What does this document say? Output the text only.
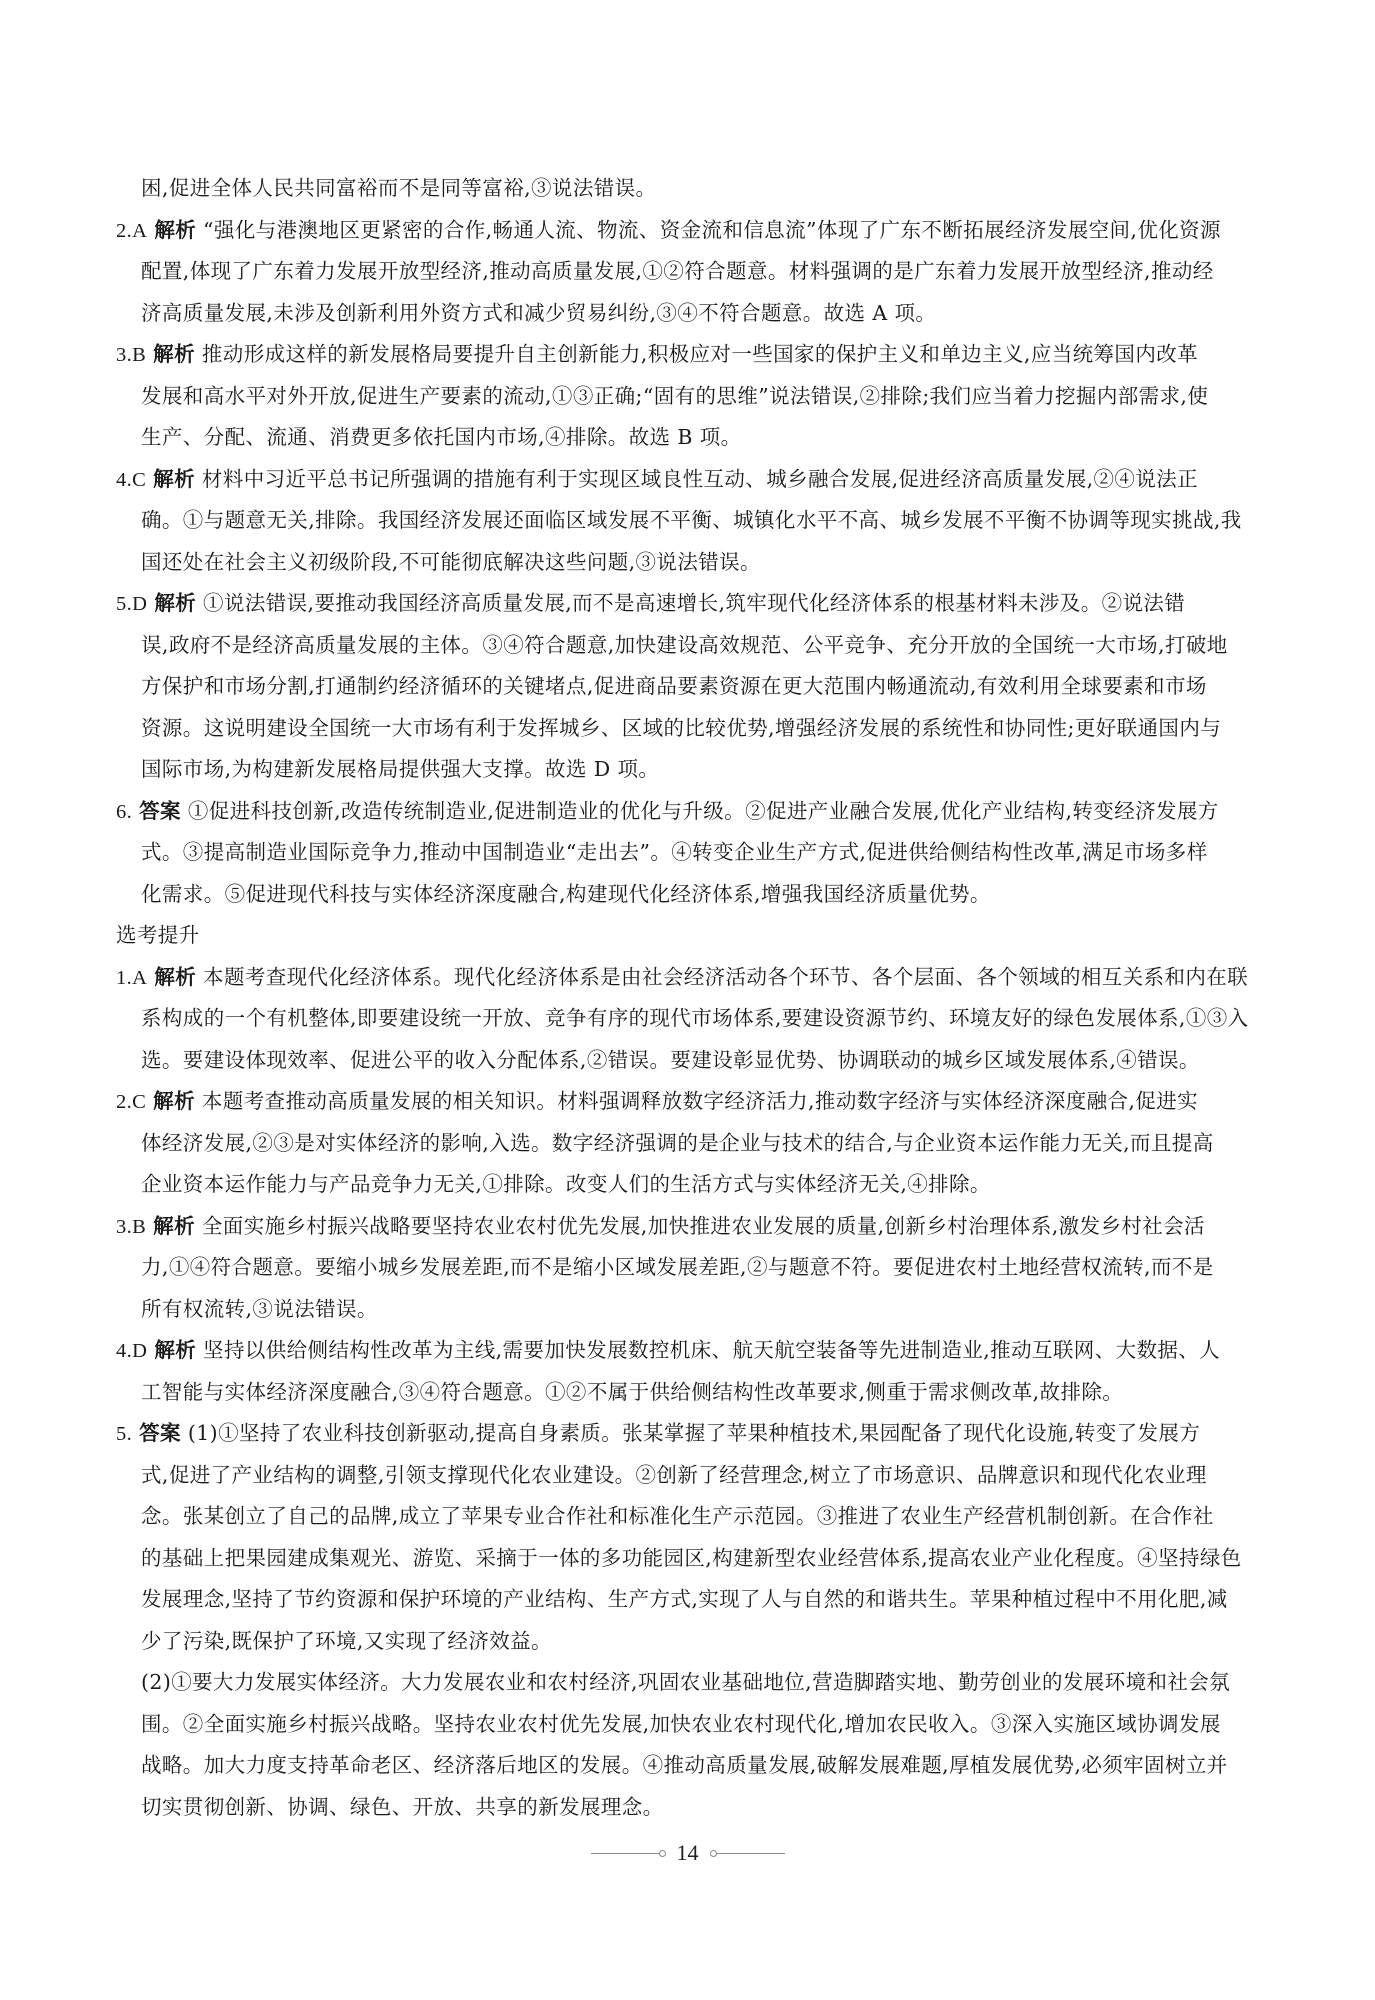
困,促进全体人民共同富裕而不是同等富裕,③说法错误。
2.A 解析 “强化与港澳地区更紧密的合作,畅通人流、物流、资金流和信息流”体现了广东不断拓展经济发展空间,优化资源
配置,体现了广东着力发展开放型经济,推动高质量发展,①②符合题意。材料强调的是广东着力发展开放型经济,推动经
济高质量发展,未涉及创新利用外资方式和减少贸易纠纷,③④不符合题意。故选 A 项。
3.B 解析 推动形成这样的新发展格局要提升自主创新能力,积极应对一些国家的保护主义和单边主义,应当统筹国内改革
发展和高水平对外开放,促进生产要素的流动,①③正确;“固有的思维”说法错误,②排除;我们应当着力挖掘内部需求,使
生产、分配、流通、消费更多依托国内市场,④排除。故选 B 项。
4.C 解析 材料中习近平总书记所强调的措施有利于实现区域良性互动、城乡融合发展,促进经济高质量发展,②④说法正
确。①与题意无关,排除。我国经济发展还面临区域发展不平衡、城镇化水平不高、城乡发展不平衡不协调等现实挑战,我
国还处在社会主义初级阶段,不可能彻底解决这些问题,③说法错误。
5.D 解析 ①说法错误,要推动我国经济高质量发展,而不是高速增长,筑牢现代化经济体系的根基材料未涉及。②说法错
误,政府不是经济高质量发展的主体。③④符合题意,加快建设高效规范、公平竞争、充分开放的全国统一大市场,打破地
方保护和市场分割,打通制约经济循环的关键堵点,促进商品要素资源在更大范围内畅通流动,有效利用全球要素和市场
资源。这说明建设全国统一大市场有利于发挥城乡、区域的比较优势,增强经济发展的系统性和协同性;更好联通国内与
国际市场,为构建新发展格局提供强大支撑。故选 D 项。
6. 答案 ①促进科技创新,改造传统制造业,促进制造业的优化与升级。②促进产业融合发展,优化产业结构,转变经济发展方
式。③提高制造业国际竞争力,推动中国制造业“走出去”。④转变企业生产方式,促进供给侧结构性改革,满足市场多样
化需求。⑤促进现代科技与实体经济深度融合,构建现代化经济体系,增强我国经济质量优势。
选考提升
1.A 解析 本题考查现代化经济体系。现代化经济体系是由社会经济活动各个环节、各个层面、各个领域的相互关系和内在联
系构成的一个有机整体,即要建设统一开放、竞争有序的现代市场体系,要建设资源节约、环境友好的绿色发展体系,①③入
选。要建设体现效率、促进公平的收入分配体系,②错误。要建设彰显优势、协调联动的城乡区域发展体系,④错误。
2.C 解析 本题考查推动高质量发展的相关知识。材料强调释放数字经济活力,推动数字经济与实体经济深度融合,促进实
体经济发展,②③是对实体经济的影响,入选。数字经济强调的是企业与技术的结合,与企业资本运作能力无关,而且提高
企业资本运作能力与产品竞争力无关,①排除。改变人们的生活方式与实体经济无关,④排除。
3.B 解析 全面实施乡村振兴战略要坚持农业农村优先发展,加快推进农业发展的质量,创新乡村治理体系,激发乡村社会活
力,①④符合题意。要缩小城乡发展差距,而不是缩小区域发展差距,②与题意不符。要促进农村土地经营权流转,而不是
所有权流转,③说法错误。
4.D 解析 坚持以供给侧结构性改革为主线,需要加快发展数控机床、航天航空装备等先进制造业,推动互联网、大数据、人
工智能与实体经济深度融合,③④符合题意。①②不属于供给侧结构性改革要求,侧重于需求侧改革,故排除。
5. 答案 (1)①坚持了农业科技创新驱动,提高自身素质。张某掌握了苹果种植技术,果园配备了现代化设施,转变了发展方
式,促进了产业结构的调整,引领支撑现代化农业建设。②创新了经营理念,树立了市场意识、品牌意识和现代化农业理
念。张某创立了自己的品牌,成立了苹果专业合作社和标准化生产示范园。③推进了农业生产经营机制创新。在合作社
的基础上把果园建成集观光、游览、采摘于一体的多功能园区,构建新型农业经营体系,提高农业产业化程度。④坚持绿色
发展理念,坚持了节约资源和保护环境的产业结构、生产方式,实现了人与自然的和谐共生。苹果种植过程中不用化肥,减
少了污染,既保护了环境,又实现了经济效益。
(2)①要大力发展实体经济。大力发展农业和农村经济,巩固农业基础地位,营造脚踏实地、勤劳创业的发展环境和社会氛
围。②全面实施乡村振兴战略。坚持农业农村优先发展,加快农业农村现代化,增加农民收入。③深入实施区域协调发展
战略。加大力度支持革命老区、经济落后地区的发展。④推动高质量发展,破解发展难题,厚植发展优势,必须牢固树立并
切实贯彻创新、协调、绿色、开放、共享的新发展理念。
14
